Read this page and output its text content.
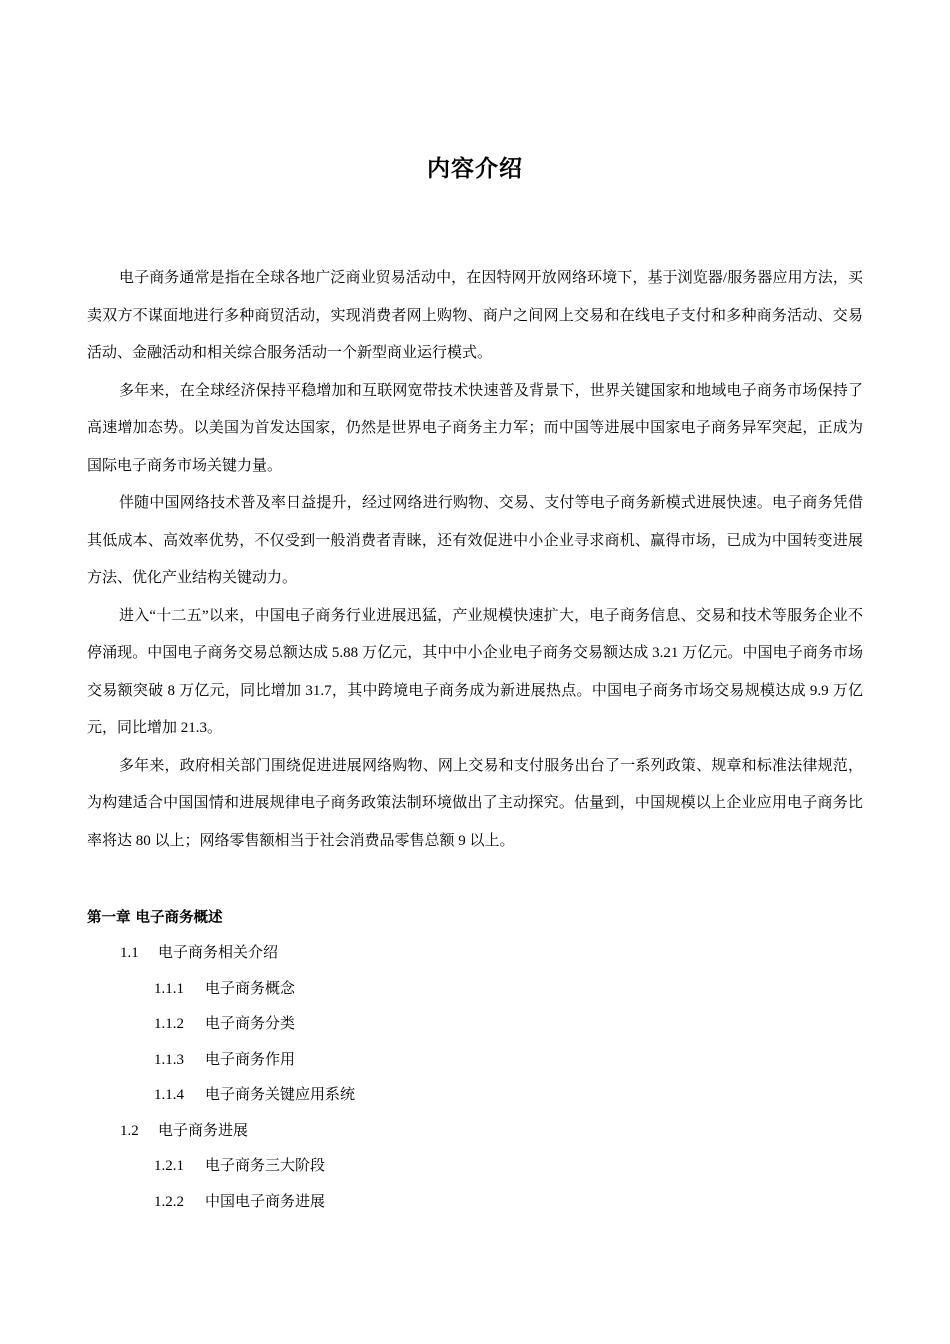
内容介绍

电子商务通常是指在全球各地广泛商业贸易活动中，在因特网开放网络环境下，基于浏览器/服务器应用方法，买卖双方不谋面地进行多种商贸活动，实现消费者网上购物、商户之间网上交易和在线电子支付和多种商务活动、交易活动、金融活动和相关综合服务活动一个新型商业运行模式。

多年来，在全球经济保持平稳增加和互联网宽带技术快速普及背景下，世界关键国家和地域电子商务市场保持了高速增加态势。以美国为首发达国家，仍然是世界电子商务主力军；而中国等进展中国家电子商务异军突起，正成为国际电子商务市场关键力量。

伴随中国网络技术普及率日益提升，经过网络进行购物、交易、支付等电子商务新模式进展快速。电子商务凭借其低成本、高效率优势，不仅受到一般消费者青睐，还有效促进中小企业寻求商机、赢得市场，已成为中国转变进展方法、优化产业结构关键动力。

进入“十二五”以来，中国电子商务行业进展迅猛，产业规模快速扩大，电子商务信息、交易和技术等服务企业不停涌现。中国电子商务交易总额达成 5.88 万亿元，其中中小企业电子商务交易额达成 3.21 万亿元。中国电子商务市场交易额突破 8 万亿元，同比增加 31.7，其中跨境电子商务成为新进展热点。中国电子商务市场交易规模达成 9.9 万亿元，同比增加 21.3。

多年来，政府相关部门围绕促进进展网络购物、网上交易和支付服务出台了一系列政策、规章和标准法律规范，为构建适合中国国情和进展规律电子商务政策法制环境做出了主动探究。估量到，中国规模以上企业应用电子商务比率将达 80 以上；网络零售额相当于社会消费品零售总额 9 以上。

第一章 电子商务概述
1.1 电子商务相关介绍
1.1.1 电子商务概念
1.1.2 电子商务分类
1.1.3 电子商务作用
1.1.4 电子商务关键应用系统
1.2 电子商务进展
1.2.1 电子商务三大阶段
1.2.2 中国电子商务进展
